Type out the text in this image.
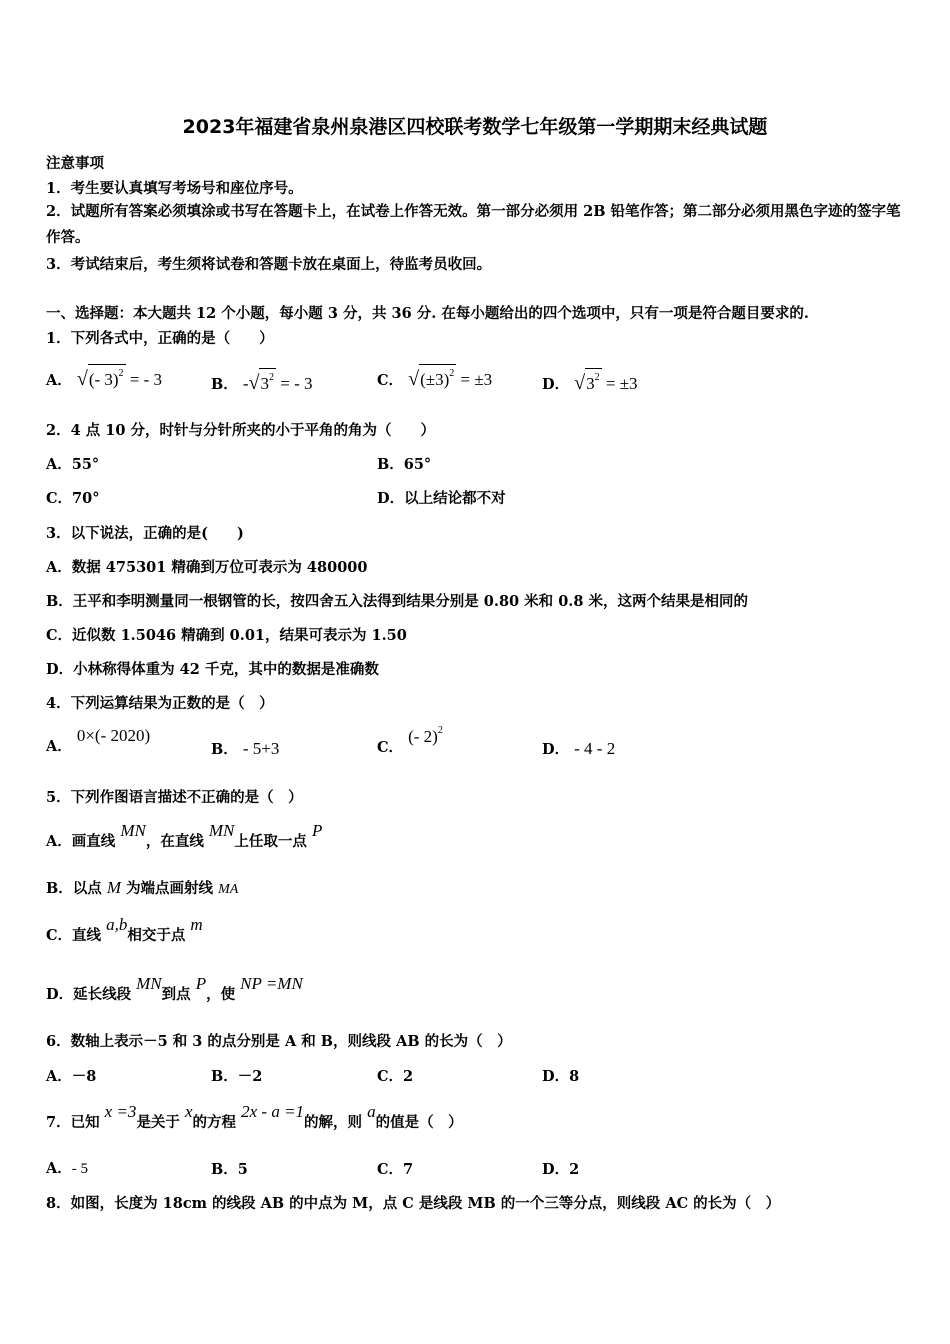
2023年福建省泉州泉港区四校联考数学七年级第一学期期末经典试题
注意事项
1．考生要认真填写考场号和座位序号。
2．试题所有答案必须填涂或书写在答题卡上，在试卷上作答无效。第一部分必须用 2B 铅笔作答；第二部分必须用黑色字迹的签字笔作答。
3．考试结束后，考生须将试卷和答题卡放在桌面上，待监考员收回。
一、选择题：本大题共 12 个小题，每小题 3 分，共 36 分. 在每小题给出的四个选项中，只有一项是符合题目要求的.
1．下列各式中，正确的是（　　）
A． √(- 3)$^2$ = - 3	B． $-√3^2$ = - 3	C． $√(\pm 3)^2 = \pm 3$	D． $√3^2 = \pm 3$
2．4 点 10 分，时针与分针所夹的小于平角的角为（　　）
A．55°	B．65°
C．70°	D．以上结论都不对
3．以下说法，正确的是(　　)
A．数据 475301 精确到万位可表示为 480000
B．王平和李明测量同一根钢管的长，按四舍五入法得到结果分别是 0.80 米和 0.8 米，这两个结果是相同的
C．近似数 1.5046 精确到 0.01，结果可表示为 1.50
D．小林称得体重为 42 千克，其中的数据是准确数
4．下列运算结果为正数的是（　）
A． 0×(- 2020)
B． - 5+3	C． (- 2)$^2$
D． - 4 - 2
5．下列作图语言描述不正确的是（　）
A．画直线 MN，在直线 MN上任取一点 P
B．以点 M 为端点画射线 MA
C．直线 a,b相交于点 m
D．延长线段 MN到点 P，使 NP =MN
6．数轴上表示－5 和 3 的点分别是 A 和 B，则线段 AB 的长为（　）
A．－8	B．－2	C．2	D．8
7．已知 x =3是关于 x的方程 2x - a =1的解，则 a的值是（　）
A．- 5	B．5	C．7	D．2
8．如图，长度为 18cm 的线段 AB 的中点为 M，点 C 是线段 MB 的一个三等分点，则线段 AC 的长为（　）
